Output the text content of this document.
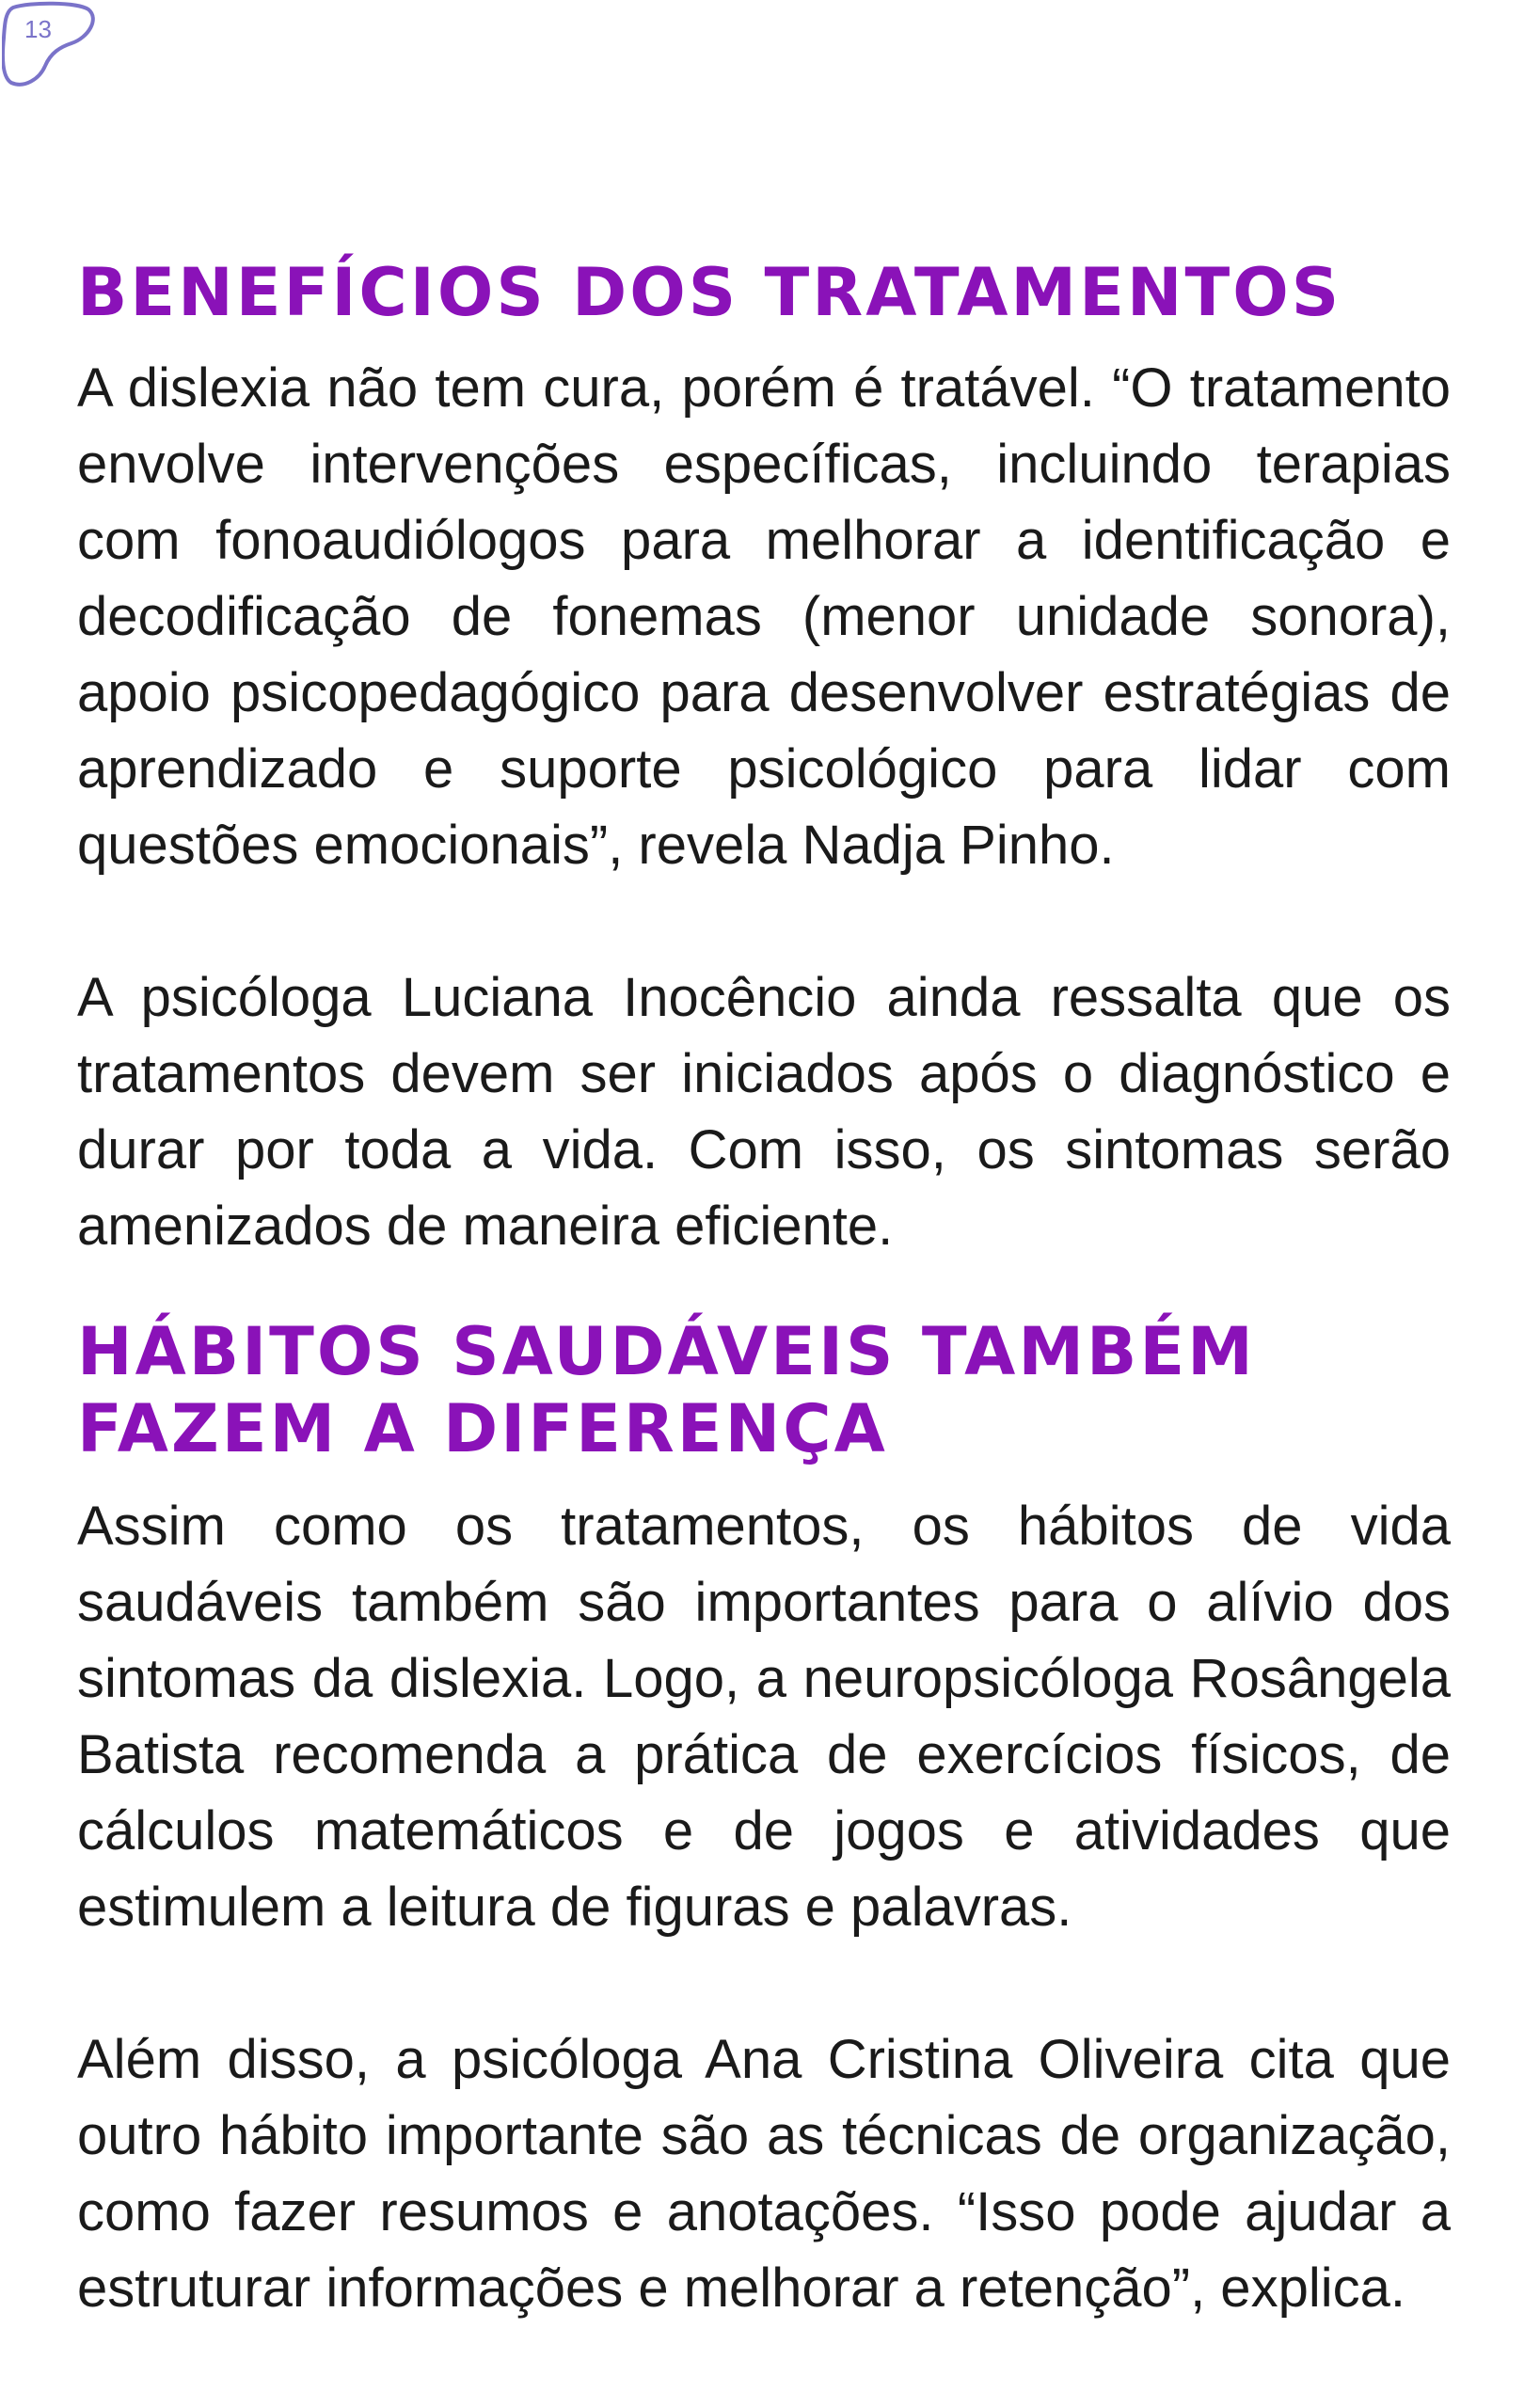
13
BENEFÍCIOS DOS TRATAMENTOS

A dislexia não tem cura, porém é tratável. “O tratamento envolve intervenções específicas, incluindo terapias com fonoaudiólogos para melhorar a identificação e decodificação de fonemas (menor unidade sonora), apoio psicopedagógico para desenvolver estratégias de aprendizado e suporte psicológico para lidar com questões emocionais”, revela Nadja Pinho.

A psicóloga Luciana Inocêncio ainda ressalta que os tratamentos devem ser iniciados após o diagnóstico e durar por toda a vida. Com isso, os sintomas serão amenizados de maneira eficiente.

HÁBITOS SAUDÁVEIS TAMBÉM
FAZEM A DIFERENÇA

Assim como os tratamentos, os hábitos de vida saudáveis também são importantes para o alívio dos sintomas da dislexia. Logo, a neuropsicóloga Rosângela Batista recomenda a prática de exercícios físicos, de cálculos matemáticos e de jogos e atividades que estimulem a leitura de figuras e palavras.

Além disso, a psicóloga Ana Cristina Oliveira cita que outro hábito importante são as técnicas de organização, como fazer resumos e anotações. “Isso pode ajudar a estruturar informações e melhorar a retenção”, explica.
